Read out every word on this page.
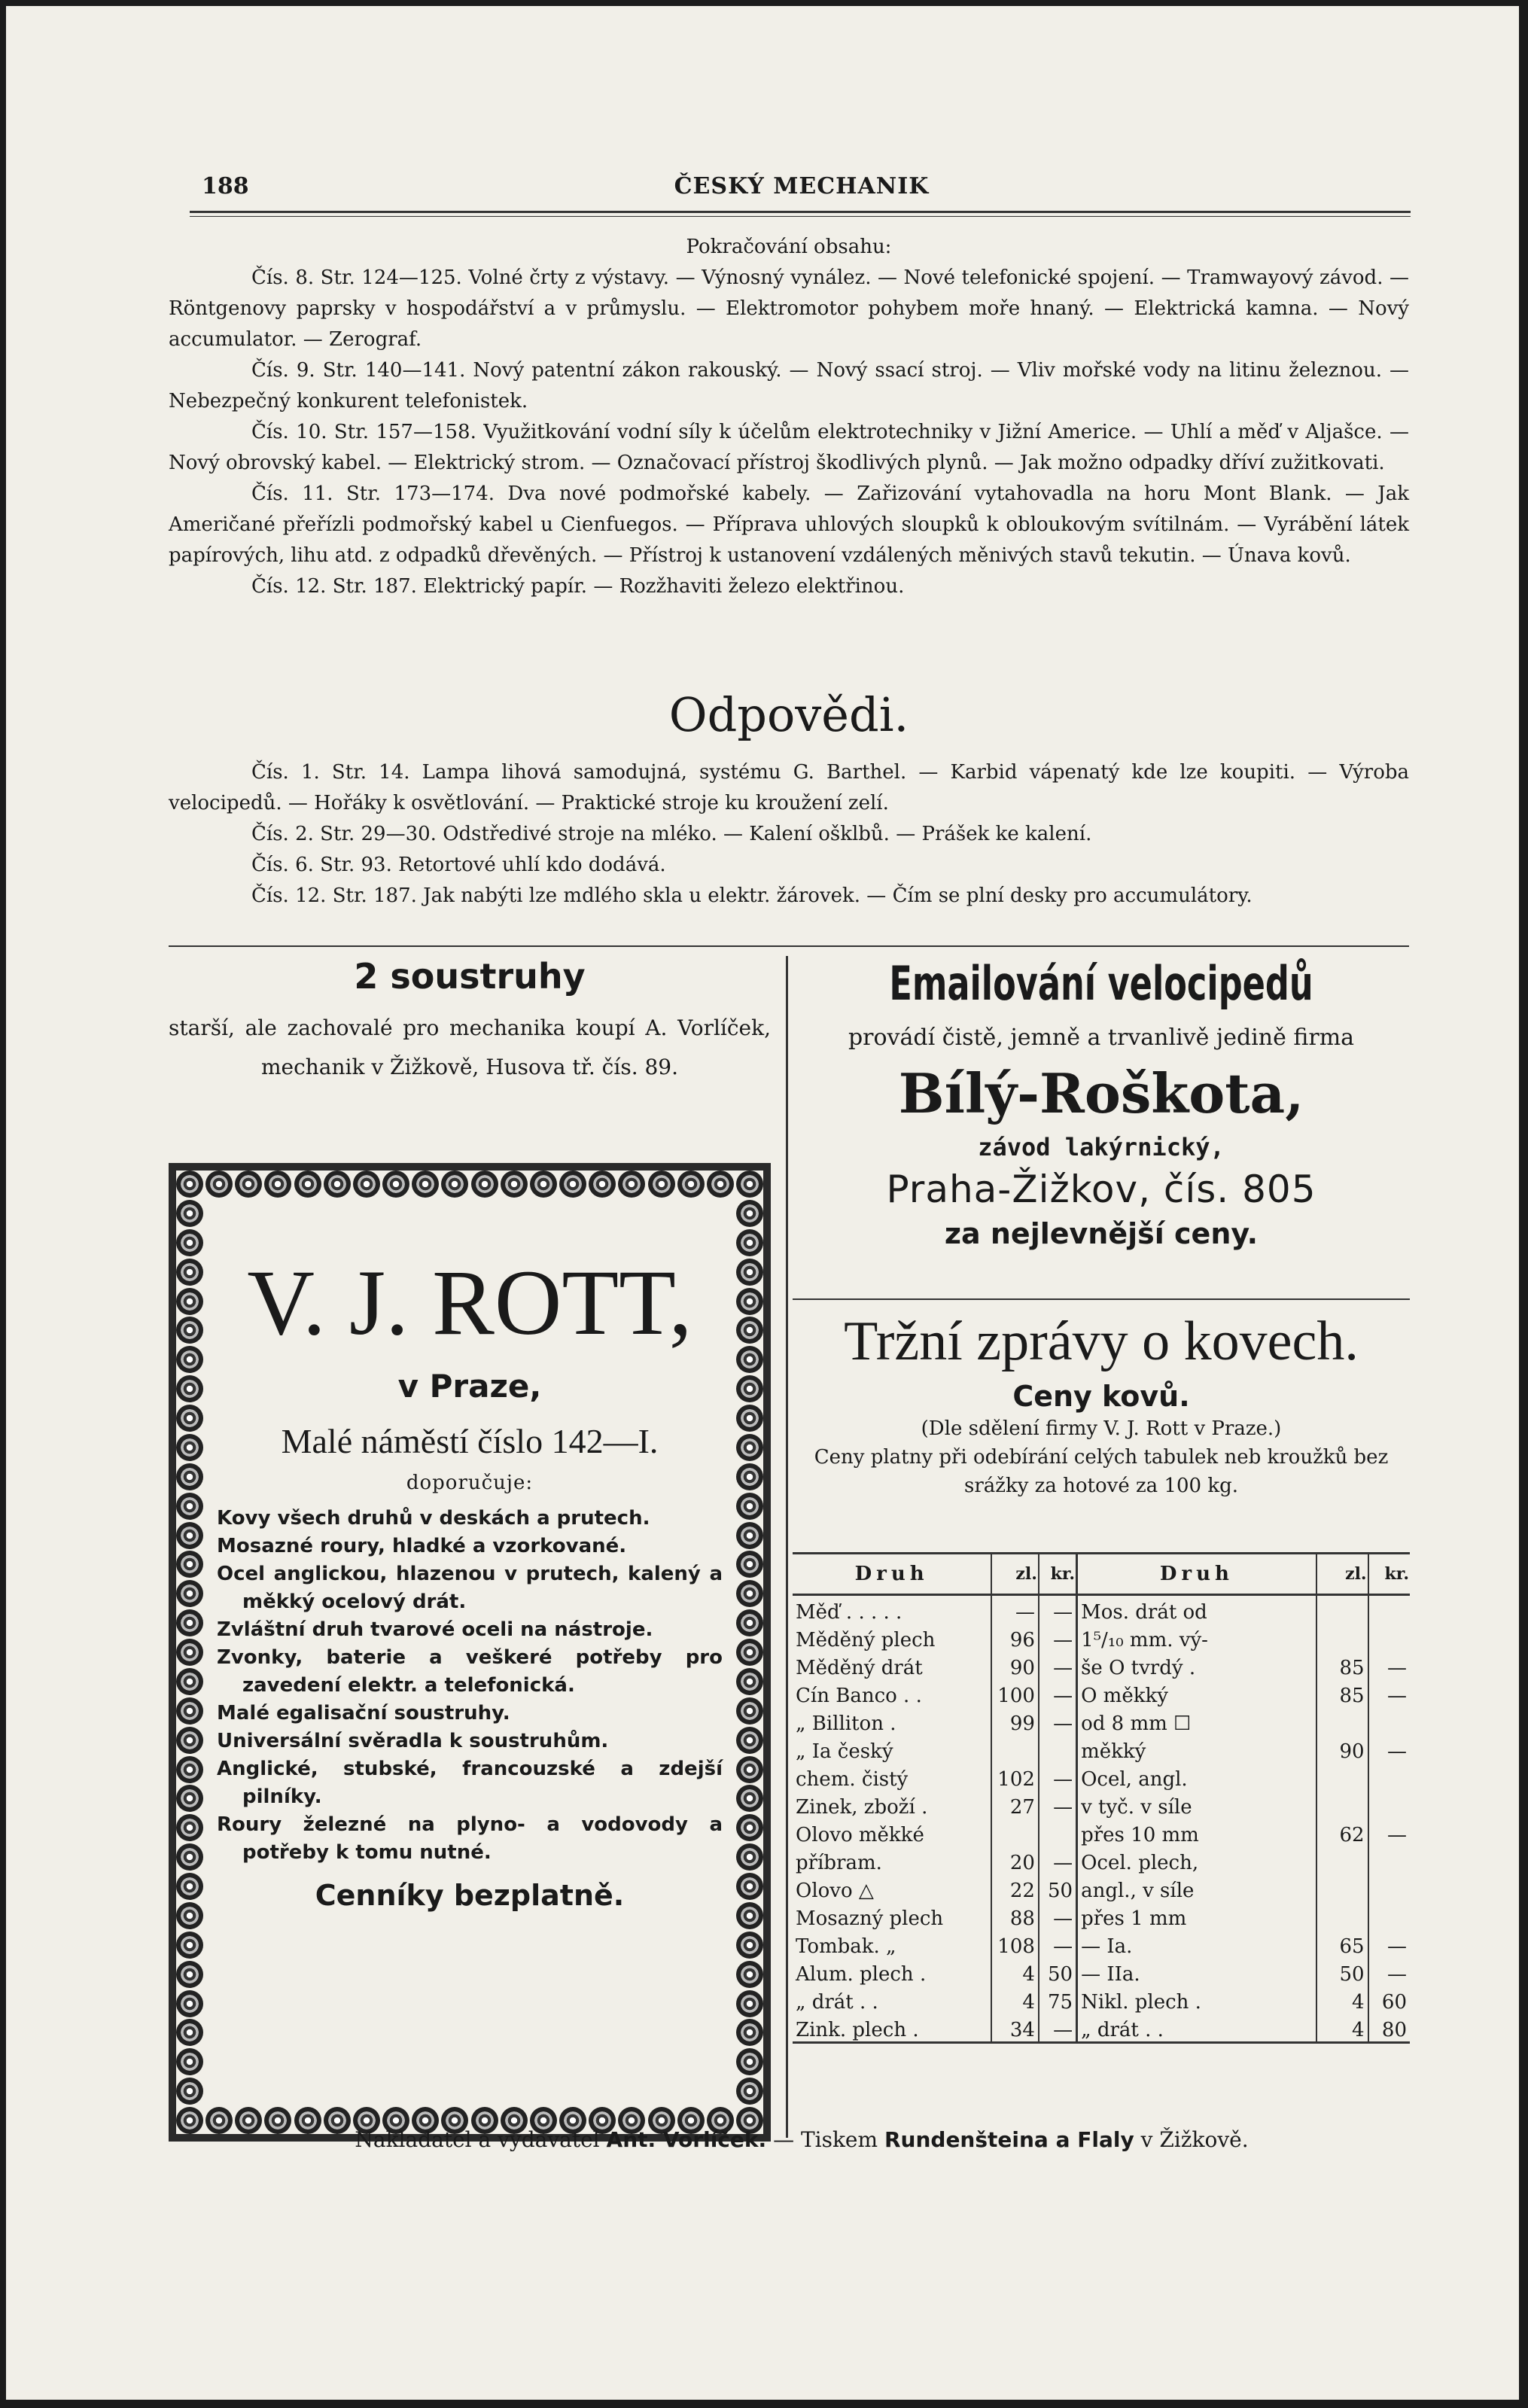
ČESKÝ MECHANIK
188

Pokračování obsahu:

Čís. 8. Str. 124—125. Volné črty z výstavy. — Výnosný vynález. — Nové telefonické spojení. — Tramwayový závod. — Röntgenovy paprsky v hospodářství a v průmyslu. — Elektromotor pohybem moře hnaný. — Elektrická kamna. — Nový accumulator. — Zerograf.

Čís. 9. Str. 140—141. Nový patentní zákon rakouský. — Nový ssací stroj. — Vliv mořské vody na litinu železnou. — Nebezpečný konkurent telefonistek.

Čís. 10. Str. 157—158. Využitkování vodní síly k účelům elektrotechniky v Jižní Americe. — Uhlí a měď v Aljašce. — Nový obrovský kabel. — Elektrický strom. — Označovací přístroj škodlivých plynů. — Jak možno odpadky dříví zužitkovati.

Čís. 11. Str. 173—174. Dva nové podmořské kabely. — Zařizování vytahovadla na horu Mont Blank. — Jak Američané přeřízli podmořský kabel u Cienfuegos. — Příprava uhlových sloupků k obloukovým svítilnám. — Vyrábění látek papírových, lihu atd. z odpadků dřevěných. — Přístroj k ustanovení vzdálených měnivých stavů tekutin. — Únava kovů.

Čís. 12. Str. 187. Elektrický papír. — Rozžhaviti železo elektřinou.

Odpovědi.

Čís. 1. Str. 14. Lampa lihová samodujná, systému G. Barthel. — Karbid vápenatý kde lze koupiti. — Výroba velocipedů. — Hořáky k osvětlování. — Praktické stroje ku kroužení zelí.

Čís. 2. Str. 29—30. Odstředivé stroje na mléko. — Kalení ošklbů. — Prášek ke kalení.

Čís. 6. Str. 93. Retortové uhlí kdo dodává.

Čís. 12. Str. 187. Jak nabýti lze mdlého skla u elektr. žárovek. — Čím se plní desky pro accumulátory.

2 soustruhy

starší, ale zachovalé pro mechanika koupí A. Vorlíček, mechanik v Žižkově, Husova tř. čís. 89.

V. J. ROTT,
v Praze,
Malé náměstí číslo 142—I.
doporučuje:
Kovy všech druhů v deskách a prutech.
Mosazné roury, hladké a vzorkované.
Ocel anglickou, hlazenou v prutech, kalený a měkký ocelový drát.
Zvláštní druh tvarové oceli na nástroje.
Zvonky, baterie a veškeré potřeby pro zavedení elektr. a telefonická.
Malé egalisační soustruhy.
Universální svěradla k soustruhům.
Anglické, stubské, francouzské a zdejší pilníky.
Roury železné na plyno- a vodovody a potřeby k tomu nutné.
Cenníky bezplatně.
Emailování velocipedů
provádí čistě, jemně a trvanlivě jedině firma
Bílý-Roškota,
závod lakýrnický,
Praha-Žižkov, čís. 805
za nejlevnější ceny.
Tržní zprávy o kovech.
Ceny kovů.
(Dle sdělení firmy V. J. Rott v Praze.)
Ceny platny při odebírání celých tabulek neb kroužků bez srážky za hotové za 100 kg.
Druh	zl.	kr.	Druh	zl.	kr.
Měď . . . . .	—	—	Mos. drát od		
Měděný plech	96	—	1⁵/₁₀ mm. vý-		
Měděný drát	90	—	še O tvrdý .	85	—
Cín Banco . .	100	—	O měkký	85	—
„ Billiton .	99	—	od 8 mm ☐		
„ Ia český			měkký	90	—
chem. čistý	102	—	Ocel, angl.		
Zinek, zboží .	27	—	v tyč. v síle		
Olovo měkké			přes 10 mm	62	—
příbram.	20	—	Ocel. plech,		
Olovo △	22	50	angl., v síle		
Mosazný plech	88	—	přes 1 mm		
Tombak. „	108	—	— Ia.	65	—
Alum. plech .	4	50	— IIa.	50	—
„ drát . .	4	75	Nikl. plech .	4	60
Zink. plech .	34	—	„ drát . .	4	80
Nakladatel a vydavatel Ant. Vorlíček. — Tiskem Rundenšteina a Flaly v Žižkově.
